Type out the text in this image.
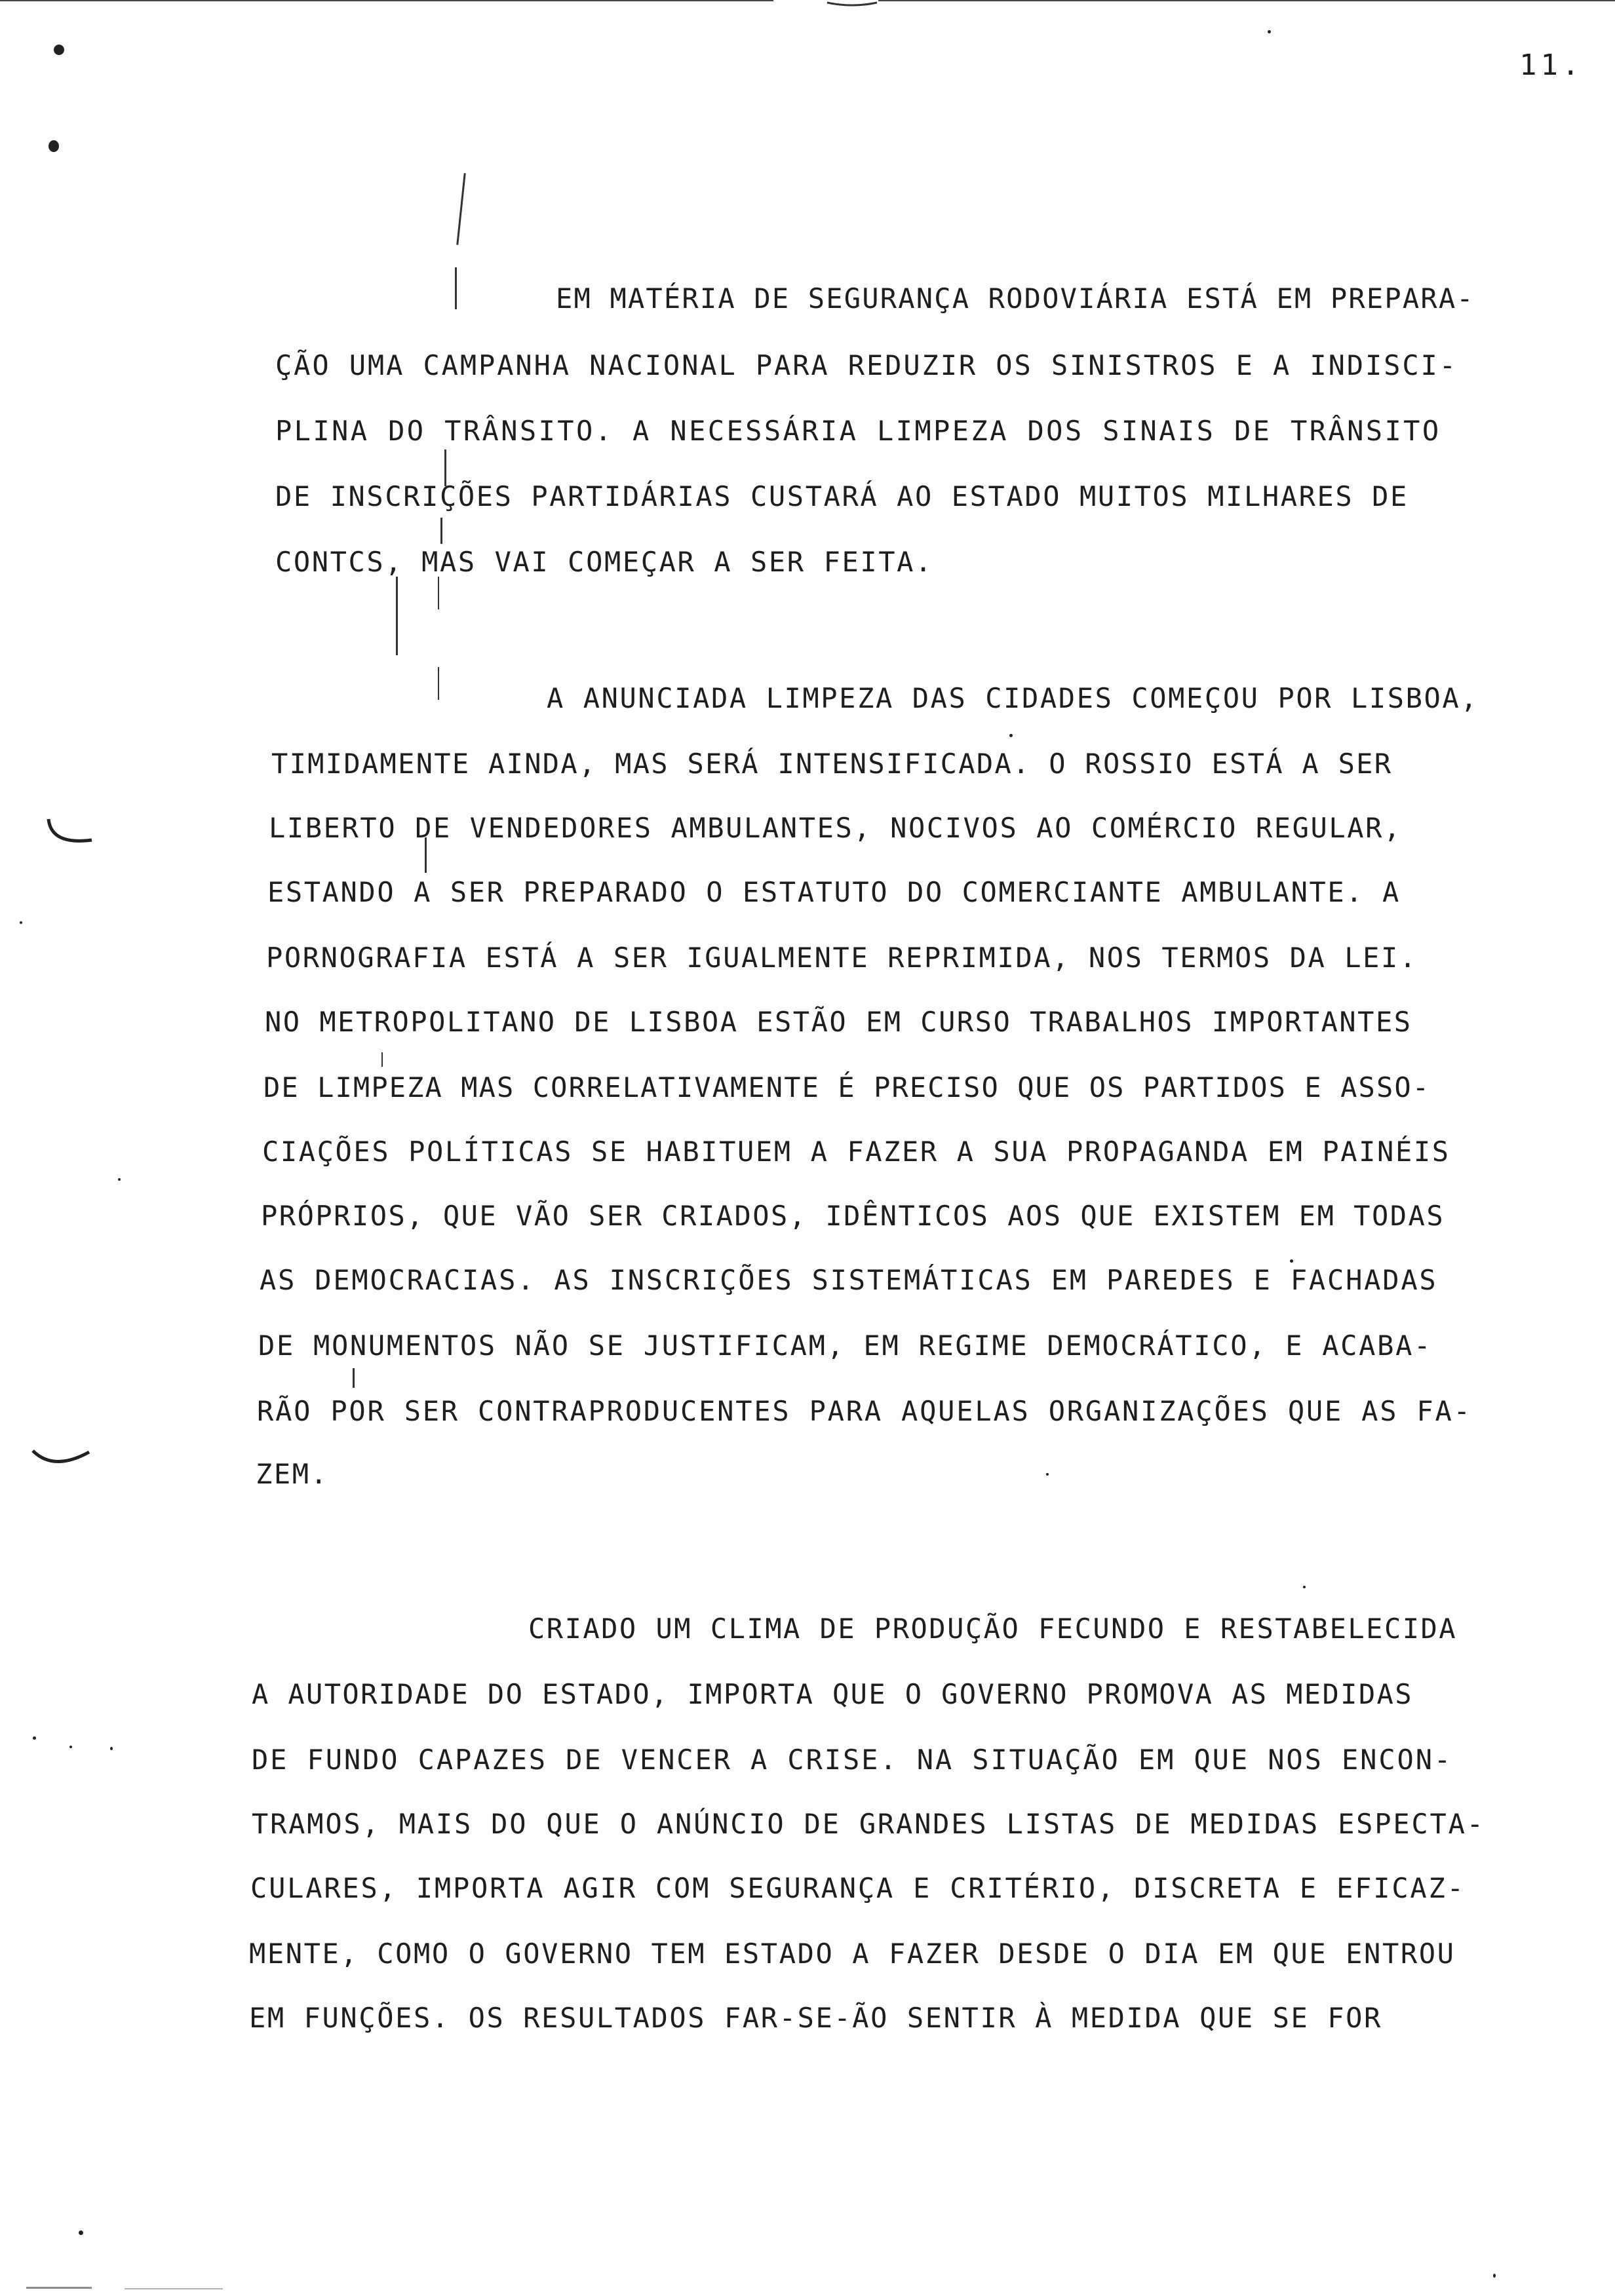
11.
EM MATÉRIA DE SEGURANÇA RODOVIÁRIA ESTÁ EM PREPARA-
ÇÃO UMA CAMPANHA NACIONAL PARA REDUZIR OS SINISTROS E A INDISCI-
PLINA DO TRÂNSITO. A NECESSÁRIA LIMPEZA DOS SINAIS DE TRÂNSITO
DE INSCRIÇÕES PARTIDÁRIAS CUSTARÁ AO ESTADO MUITOS MILHARES DE
CONTCS, MAS VAI COMEÇAR A SER FEITA.
A ANUNCIADA LIMPEZA DAS CIDADES COMEÇOU POR LISBOA,
TIMIDAMENTE AINDA, MAS SERÁ INTENSIFICADA. O ROSSIO ESTÁ A SER
LIBERTO DE VENDEDORES AMBULANTES, NOCIVOS AO COMÉRCIO REGULAR,
ESTANDO A SER PREPARADO O ESTATUTO DO COMERCIANTE AMBULANTE. A
PORNOGRAFIA ESTÁ A SER IGUALMENTE REPRIMIDA, NOS TERMOS DA LEI.
NO METROPOLITANO DE LISBOA ESTÃO EM CURSO TRABALHOS IMPORTANTES
DE LIMPEZA MAS CORRELATIVAMENTE É PRECISO QUE OS PARTIDOS E ASSO-
CIAÇÕES POLÍTICAS SE HABITUEM A FAZER A SUA PROPAGANDA EM PAINÉIS
PRÓPRIOS, QUE VÃO SER CRIADOS, IDÊNTICOS AOS QUE EXISTEM EM TODAS
AS DEMOCRACIAS. AS INSCRIÇÕES SISTEMÁTICAS EM PAREDES E FACHADAS
DE MONUMENTOS NÃO SE JUSTIFICAM, EM REGIME DEMOCRÁTICO, E ACABA-
RÃO POR SER CONTRAPRODUCENTES PARA AQUELAS ORGANIZAÇÕES QUE AS FA-
ZEM.
CRIADO UM CLIMA DE PRODUÇÃO FECUNDO E RESTABELECIDA
A AUTORIDADE DO ESTADO, IMPORTA QUE O GOVERNO PROMOVA AS MEDIDAS
DE FUNDO CAPAZES DE VENCER A CRISE. NA SITUAÇÃO EM QUE NOS ENCON-
TRAMOS, MAIS DO QUE O ANÚNCIO DE GRANDES LISTAS DE MEDIDAS ESPECTA-
CULARES, IMPORTA AGIR COM SEGURANÇA E CRITÉRIO, DISCRETA E EFICAZ-
MENTE, COMO O GOVERNO TEM ESTADO A FAZER DESDE O DIA EM QUE ENTROU
EM FUNÇÕES. OS RESULTADOS FAR-SE-ÃO SENTIR À MEDIDA QUE SE FOR
